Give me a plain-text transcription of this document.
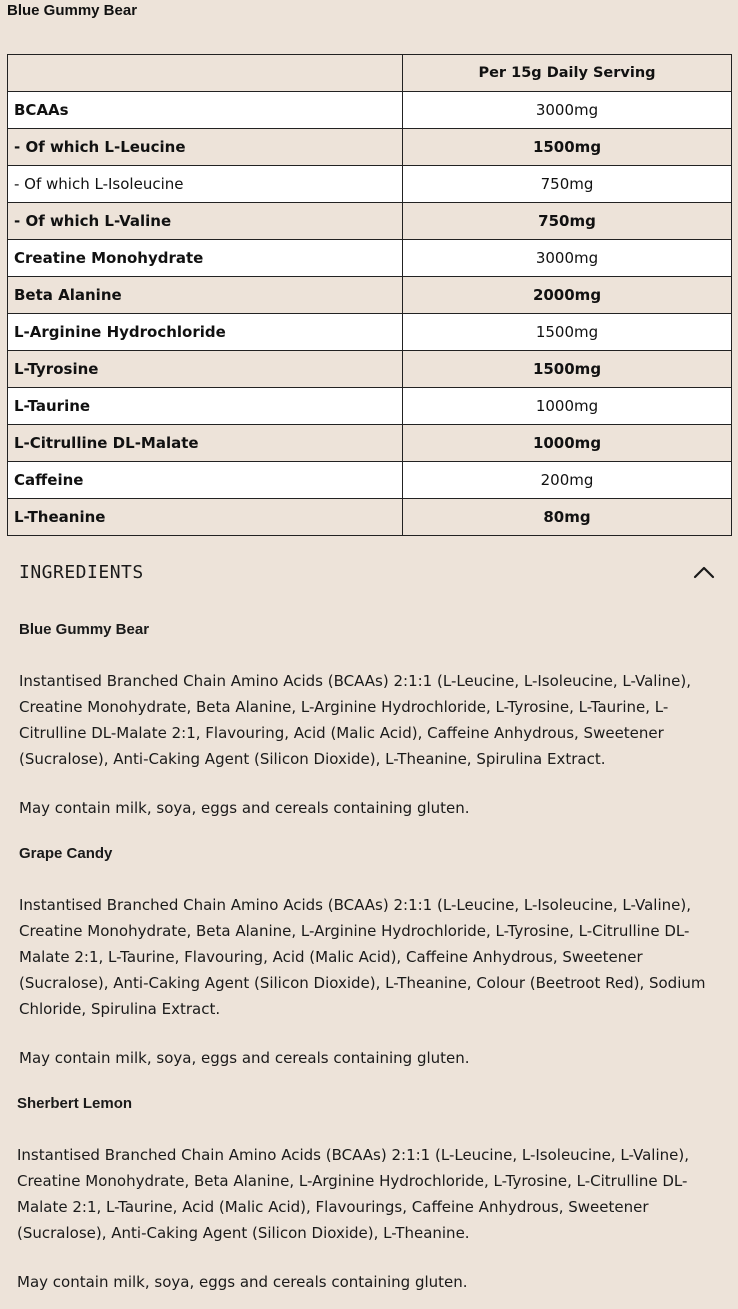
Blue Gummy Bear
	Per 15g Daily Serving
BCAAs	3000mg
- Of which L-Leucine	1500mg
- Of which L-Isoleucine	750mg
- Of which L-Valine	750mg
Creatine Monohydrate	3000mg
Beta Alanine	2000mg
L-Arginine Hydrochloride	1500mg
L-Tyrosine	1500mg
L-Taurine	1000mg
L-Citrulline DL-Malate	1000mg
Caffeine	200mg
L-Theanine	80mg
INGREDIENTS
Blue Gummy Bear

Instantised Branched Chain Amino Acids (BCAAs) 2:1:1 (L-Leucine, L-Isoleucine, L-Valine), Creatine Monohydrate, Beta Alanine, L-Arginine Hydrochloride, L-Tyrosine, L-Taurine, L-Citrulline DL-Malate 2:1, Flavouring, Acid (Malic Acid), Caffeine Anhydrous, Sweetener (Sucralose), Anti-Caking Agent (Silicon Dioxide), L-Theanine, Spirulina Extract.

May contain milk, soya, eggs and cereals containing gluten.

Grape Candy

Instantised Branched Chain Amino Acids (BCAAs) 2:1:1 (L-Leucine, L-Isoleucine, L-Valine), Creatine Monohydrate, Beta Alanine, L-Arginine Hydrochloride, L-Tyrosine, L-Citrulline DL-Malate 2:1, L-Taurine, Flavouring, Acid (Malic Acid), Caffeine Anhydrous, Sweetener (Sucralose), Anti-Caking Agent (Silicon Dioxide), L-Theanine, Colour (Beetroot Red), Sodium Chloride, Spirulina Extract.

May contain milk, soya, eggs and cereals containing gluten.

Sherbert Lemon

Instantised Branched Chain Amino Acids (BCAAs) 2:1:1 (L-Leucine, L-Isoleucine, L-Valine), Creatine Monohydrate, Beta Alanine, L-Arginine Hydrochloride, L-Tyrosine, L-Citrulline DL-Malate 2:1, L-Taurine, Acid (Malic Acid), Flavourings, Caffeine Anhydrous, Sweetener (Sucralose), Anti-Caking Agent (Silicon Dioxide), L-Theanine.

May contain milk, soya, eggs and cereals containing gluten.
